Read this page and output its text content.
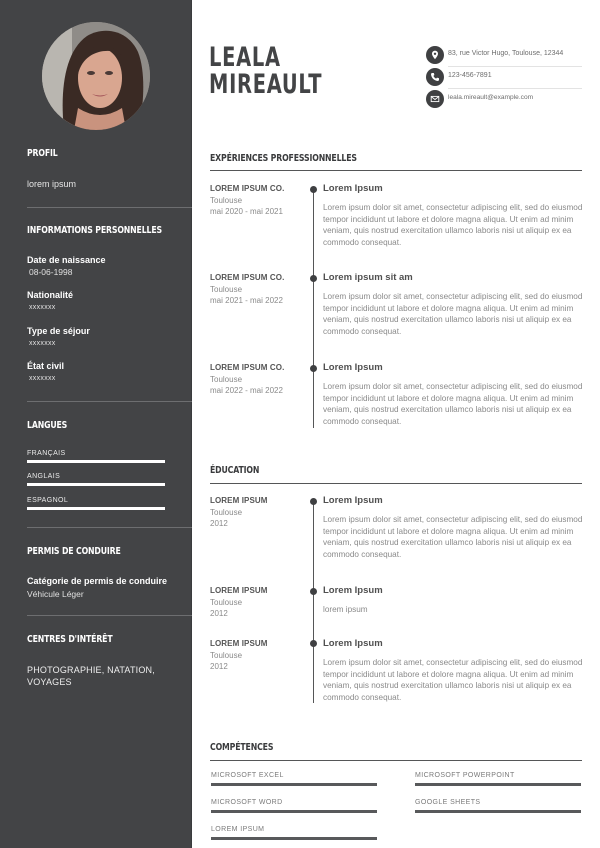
PROFIL
lorem ipsum
INFORMATIONS PERSONNELLES
Date de naissance
08-06-1998
Nationalité
xxxxxxx
Type de séjour
xxxxxxx
État civil
xxxxxxx
LANGUES
FRANÇAIS
ANGLAIS
ESPAGNOL
PERMIS DE CONDUIRE
Catégorie de permis de conduire
Véhicule Léger
CENTRES D'INTÉRÊT
PHOTOGRAPHIE, NATATION, VOYAGES
LEALA
MIREAULT
83, rue Victor Hugo, Toulouse, 12344
123-456-7891
leala.mireault@example.com
EXPÉRIENCES PROFESSIONNELLES
LOREM IPSUM CO.
Toulouse
mai 2020 - mai 2021
Lorem Ipsum
Lorem ipsum dolor sit amet, consectetur adipiscing elit, sed do eiusmod tempor incididunt ut labore et dolore magna aliqua. Ut enim ad minim veniam, quis nostrud exercitation ullamco laboris nisi ut aliquip ex ea commodo consequat.
LOREM IPSUM CO.
Toulouse
mai 2021 - mai 2022
Lorem ipsum sit am
Lorem ipsum dolor sit amet, consectetur adipiscing elit, sed do eiusmod tempor incididunt ut labore et dolore magna aliqua. Ut enim ad minim veniam, quis nostrud exercitation ullamco laboris nisi ut aliquip ex ea commodo consequat.
LOREM IPSUM CO.
Toulouse
mai 2022 - mai 2022
Lorem Ipsum
Lorem ipsum dolor sit amet, consectetur adipiscing elit, sed do eiusmod tempor incididunt ut labore et dolore magna aliqua. Ut enim ad minim veniam, quis nostrud exercitation ullamco laboris nisi ut aliquip ex ea commodo consequat.
ÉDUCATION
LOREM IPSUM
Toulouse
2012
Lorem Ipsum
Lorem ipsum dolor sit amet, consectetur adipiscing elit, sed do eiusmod tempor incididunt ut labore et dolore magna aliqua. Ut enim ad minim veniam, quis nostrud exercitation ullamco laboris nisi ut aliquip ex ea commodo consequat.
LOREM IPSUM
Toulouse
2012
Lorem Ipsum
lorem ipsum
LOREM IPSUM
Toulouse
2012
Lorem Ipsum
Lorem ipsum dolor sit amet, consectetur adipiscing elit, sed do eiusmod tempor incididunt ut labore et dolore magna aliqua. Ut enim ad minim veniam, quis nostrud exercitation ullamco laboris nisi ut aliquip ex ea commodo consequat.
COMPÉTENCES
MICROSOFT EXCEL	MICROSOFT POWERPOINT
MICROSOFT WORD	GOOGLE SHEETS
LOREM IPSUM
